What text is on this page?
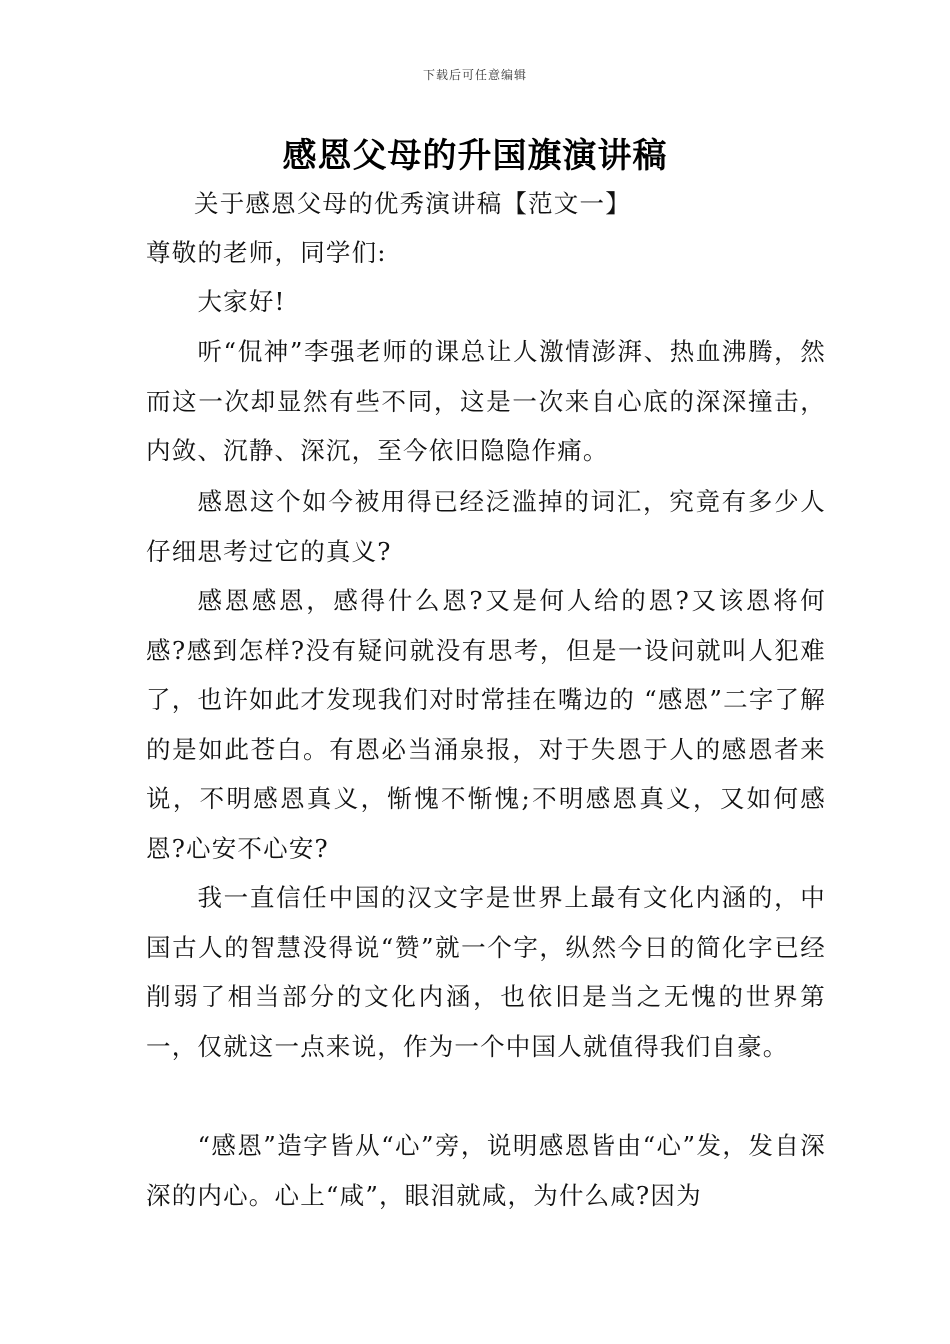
下载后可任意编辑
感恩父母的升国旗演讲稿
关于感恩父母的优秀演讲稿【范文一】
尊敬的老师，同学们:
大家好!
听“侃神”李强老师的课总让人激情澎湃、热血沸腾，然而这一次却显然有些不同，这是一次来自心底的深深撞击，内敛、沉静、深沉，至今依旧隐隐作痛。
感恩这个如今被用得已经泛滥掉的词汇，究竟有多少人仔细思考过它的真义?
感恩感恩，感得什么恩?又是何人给的恩?又该恩将何感?感到怎样?没有疑问就没有思考，但是一设问就叫人犯难了，也许如此才发现我们对时常挂在嘴边的 “感恩”二字了解的是如此苍白。有恩必当涌泉报，对于失恩于人的感恩者来说，不明感恩真义，惭愧不惭愧;不明感恩真义，又如何感恩?心安不心安?
我一直信任中国的汉文字是世界上最有文化内涵的，中国古人的智慧没得说“赞”就一个字，纵然今日的简化字已经削弱了相当部分的文化内涵，也依旧是当之无愧的世界第一，仅就这一点来说，作为一个中国人就值得我们自豪。
“感恩”造字皆从“心”旁，说明感恩皆由“心”发，发自深深的内心。心上“咸”，眼泪就咸，为什么咸?因为
